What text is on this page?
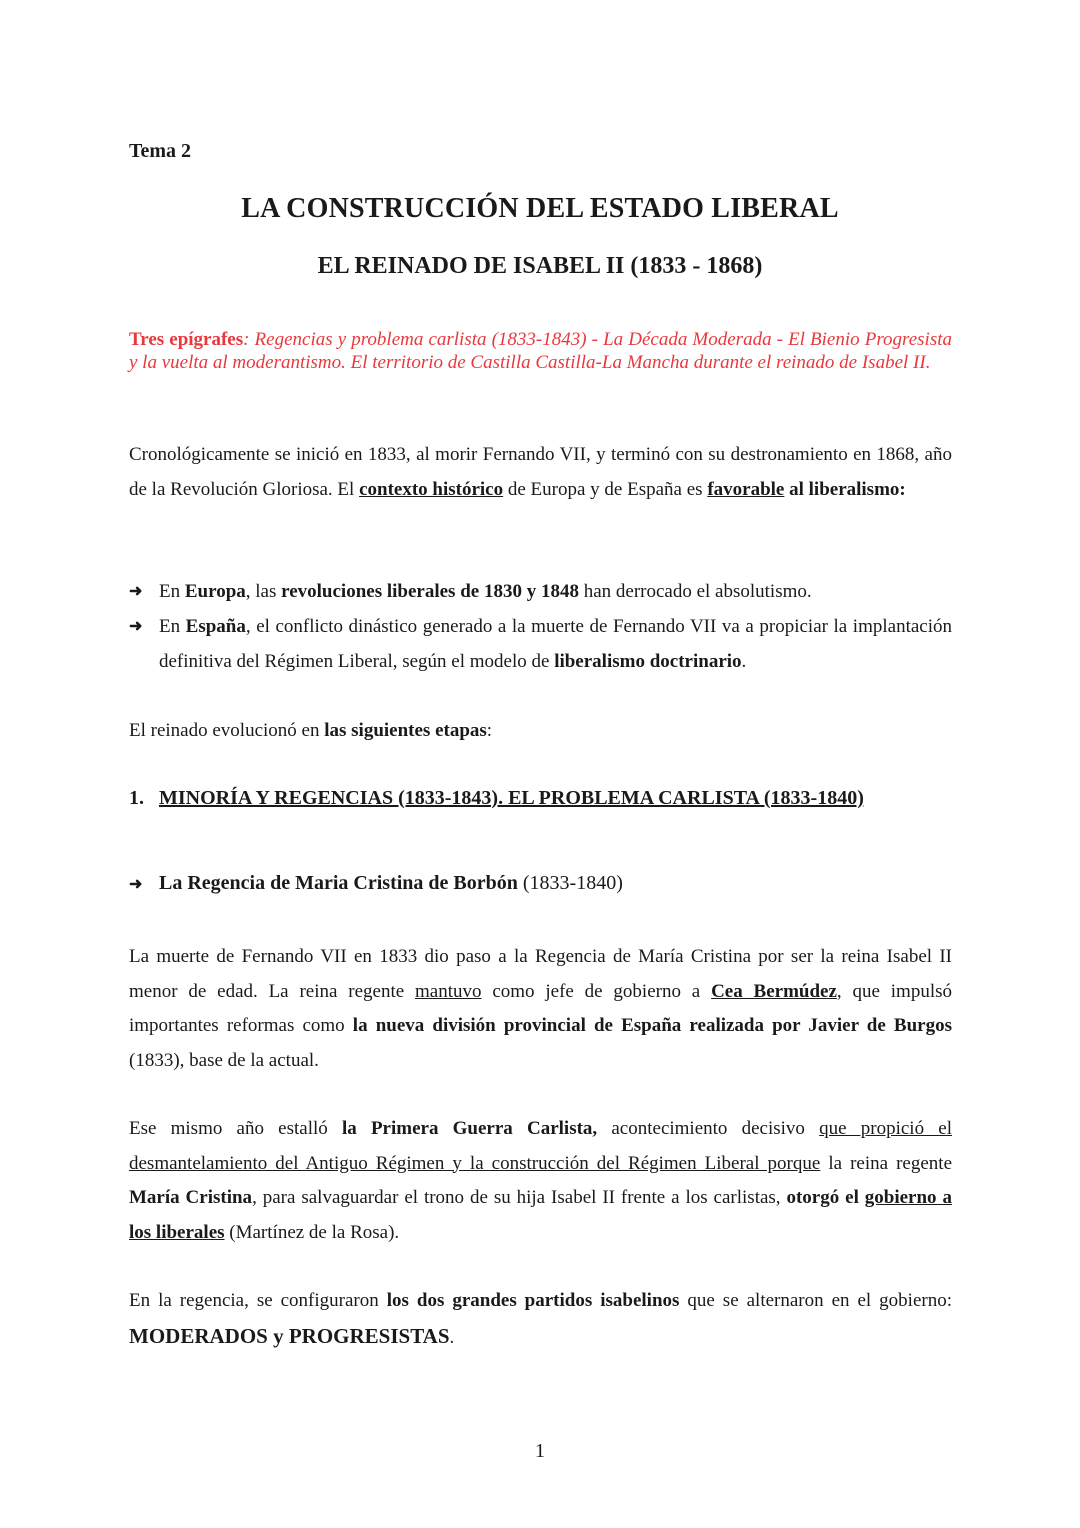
Tema 2
LA CONSTRUCCIÓN DEL ESTADO LIBERAL
EL REINADO DE ISABEL II (1833 - 1868)
Tres epígrafes: Regencias y problema carlista (1833-1843) - La Década Moderada - El Bienio Progresista y la vuelta al moderantismo. El territorio de Castilla Castilla-La Mancha durante el reinado de Isabel II.
Cronológicamente se inició en 1833, al morir Fernando VII, y terminó con su destronamiento en 1868, año de la Revolución Gloriosa. El contexto histórico de Europa y de España es favorable al liberalismo:
➜ En Europa, las revoluciones liberales de 1830 y 1848 han derrocado el absolutismo.
➜ En España, el conflicto dinástico generado a la muerte de Fernando VII va a propiciar la implantación definitiva del Régimen Liberal, según el modelo de liberalismo doctrinario.
El reinado evolucionó en las siguientes etapas:
1. MINORÍA Y REGENCIAS (1833-1843). EL PROBLEMA CARLISTA (1833-1840)
➜ La Regencia de Maria Cristina de Borbón (1833-1840)
La muerte de Fernando VII en 1833 dio paso a la Regencia de María Cristina por ser la reina Isabel II menor de edad. La reina regente mantuvo como jefe de gobierno a Cea Bermúdez, que impulsó importantes reformas como la nueva división provincial de España realizada por Javier de Burgos (1833), base de la actual.
Ese mismo año estalló la Primera Guerra Carlista, acontecimiento decisivo que propició el desmantelamiento del Antiguo Régimen y la construcción del Régimen Liberal porque la reina regente María Cristina, para salvaguardar el trono de su hija Isabel II frente a los carlistas, otorgó el gobierno a los liberales (Martínez de la Rosa).
En la regencia, se configuraron los dos grandes partidos isabelinos que se alternaron en el gobierno: MODERADOS y PROGRESISTAS.
1
